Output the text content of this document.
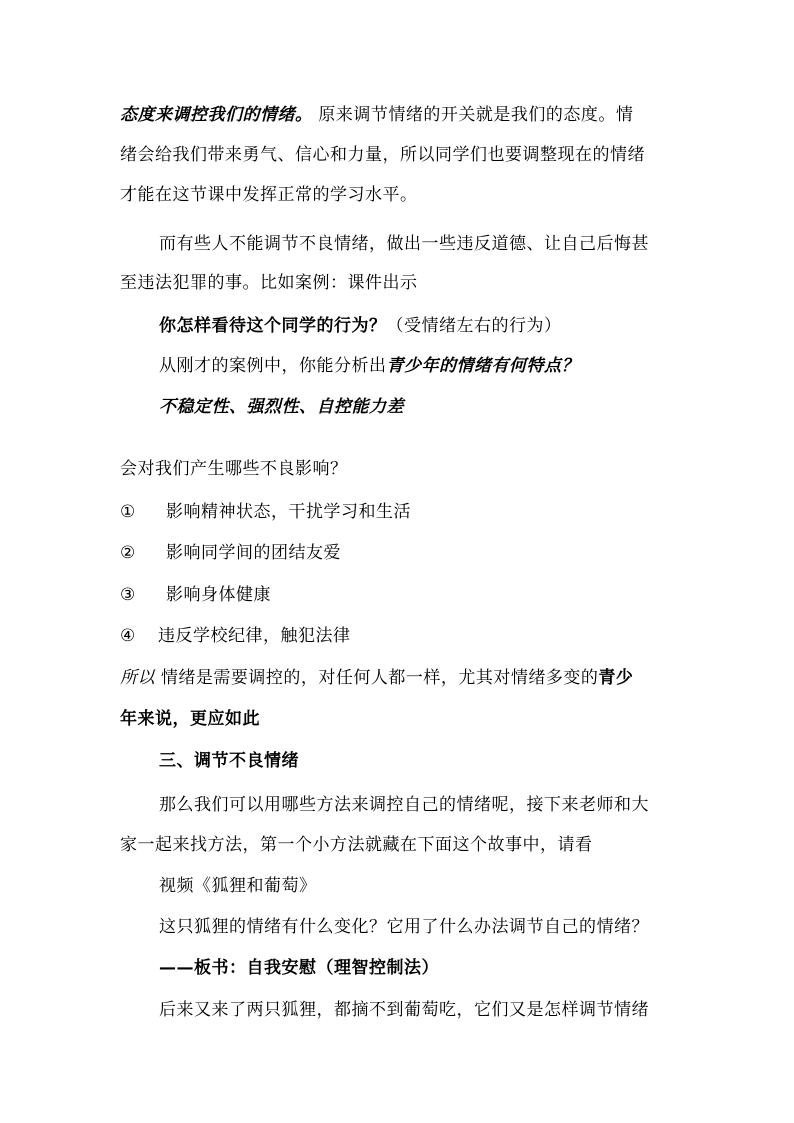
态度来调控我们的情绪。 原来调节情绪的开关就是我们的态度。情
绪会给我们带来勇气、信心和力量，所以同学们也要调整现在的情绪
才能在这节课中发挥正常的学习水平。
而有些人不能调节不良情绪，做出一些违反道德、让自己后悔甚
至违法犯罪的事。比如案例：课件出示
你怎样看待这个同学的行为？（受情绪左右的行为）
从刚才的案例中，你能分析出青少年的情绪有何特点？
不稳定性、强烈性、自控能力差
会对我们产生哪些不良影响？
① 影响精神状态，干扰学习和生活
② 影响同学间的团结友爱
③ 影响身体健康
④ 违反学校纪律，触犯法律
所以 情绪是需要调控的，对任何人都一样，尤其对情绪多变的青少
年来说，更应如此
三、调节不良情绪
那么我们可以用哪些方法来调控自己的情绪呢，接下来老师和大
家一起来找方法，第一个小方法就藏在下面这个故事中，请看
视频《狐狸和葡萄》
这只狐狸的情绪有什么变化？它用了什么办法调节自己的情绪？
——板书：自我安慰（理智控制法）
后来又来了两只狐狸，都摘不到葡萄吃，它们又是怎样调节情绪
